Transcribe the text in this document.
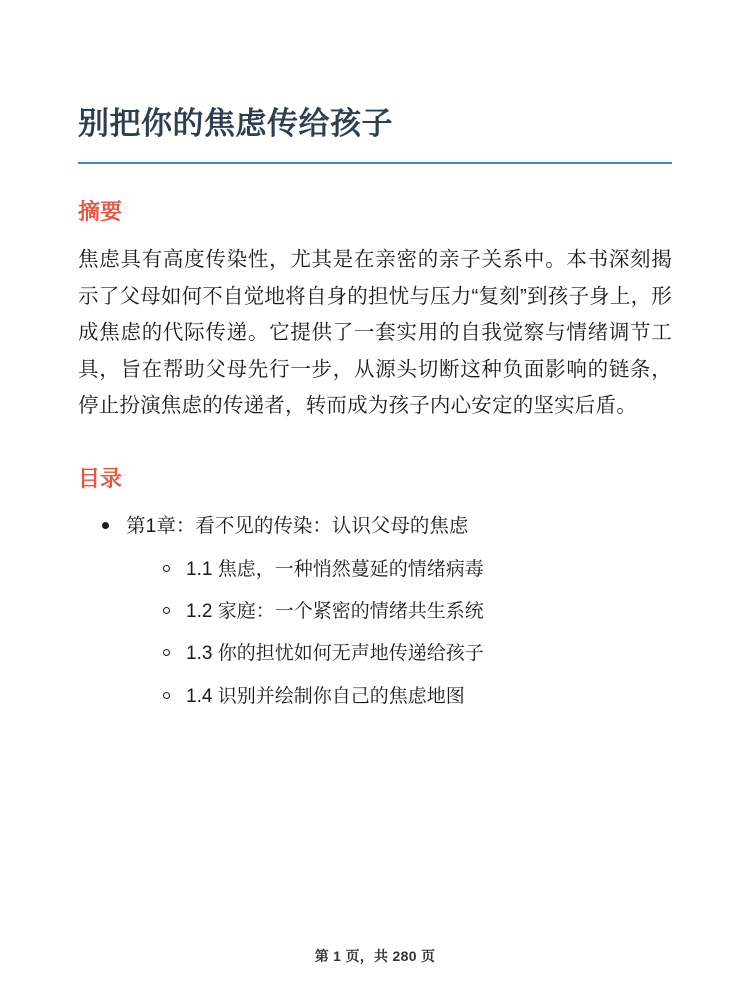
别把你的焦虑传给孩子
摘要

焦虑具有高度传染性，尤其是在亲密的亲子关系中。本书深刻揭示了父母如何不自觉地将自身的担忧与压力“复刻”到孩子身上，形成焦虑的代际传递。它提供了一套实用的自我觉察与情绪调节工具，旨在帮助父母先行一步，从源头切断这种负面影响的链条，停止扮演焦虑的传递者，转而成为孩子内心安定的坚实后盾。

目录
第1章：看不见的传染：认识父母的焦虑
1.1 焦虑，一种悄然蔓延的情绪病毒
1.2 家庭：一个紧密的情绪共生系统
1.3 你的担忧如何无声地传递给孩子
1.4 识别并绘制你自己的焦虑地图
第 1 页，共 280 页
